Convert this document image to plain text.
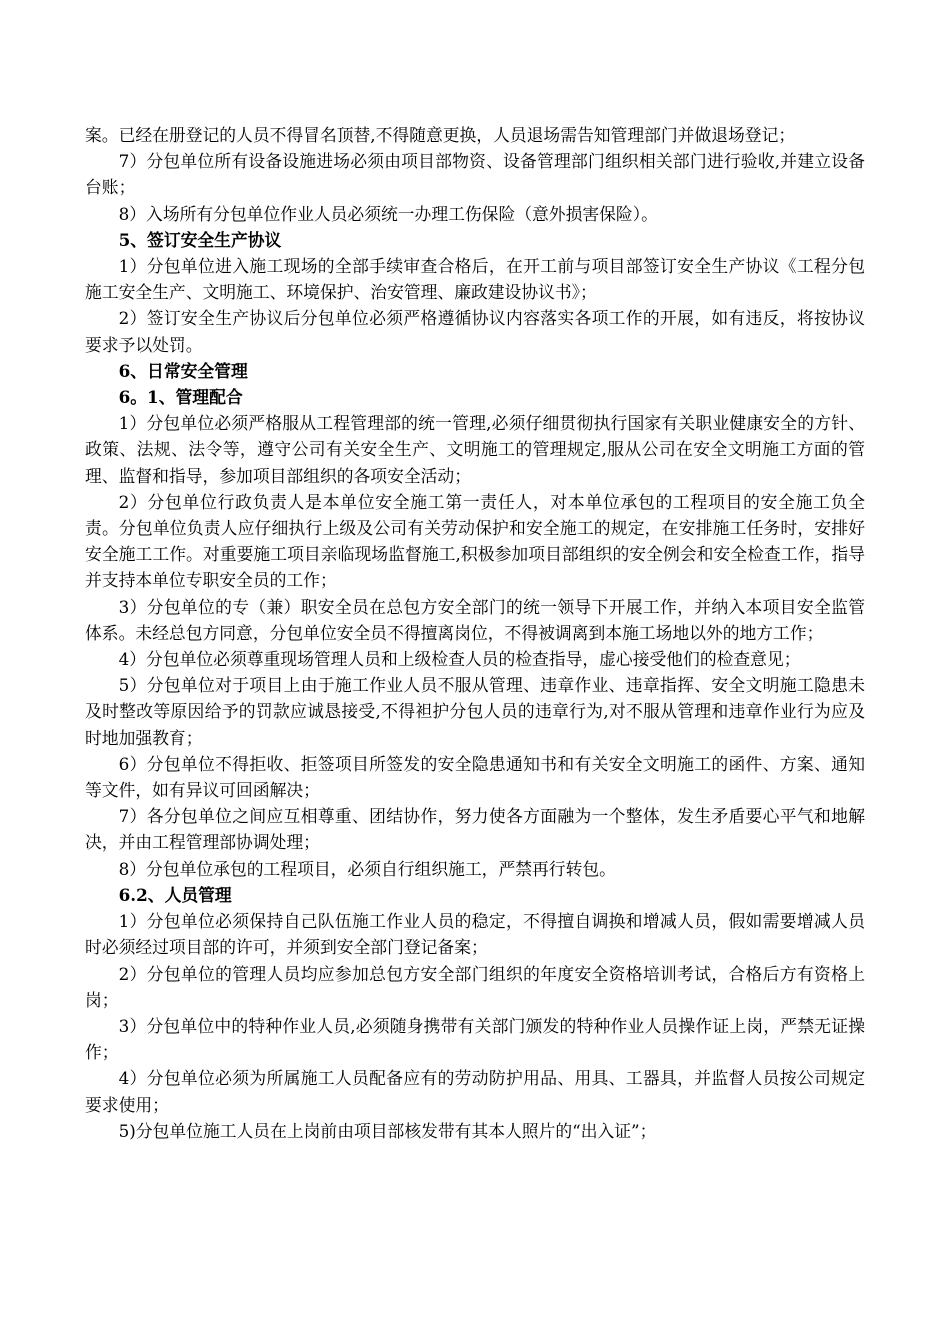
案。已经在册登记的人员不得冒名顶替,不得随意更换，人员退场需告知管理部门并做退场登记；

7）分包单位所有设备设施进场必须由项目部物资、设备管理部门组织相关部门进行验收,并建立设备台账；

8）入场所有分包单位作业人员必须统一办理工伤保险（意外损害保险）。

5、签订安全生产协议

1）分包单位进入施工现场的全部手续审查合格后，在开工前与项目部签订安全生产协议《工程分包施工安全生产、文明施工、环境保护、治安管理、廉政建设协议书》；

2）签订安全生产协议后分包单位必须严格遵循协议内容落实各项工作的开展，如有违反，将按协议要求予以处罚。

6、日常安全管理

6。1、管理配合

1）分包单位必须严格服从工程管理部的统一管理,必须仔细贯彻执行国家有关职业健康安全的方针、政策、法规、法令等，遵守公司有关安全生产、文明施工的管理规定,服从公司在安全文明施工方面的管理、监督和指导，参加项目部组织的各项安全活动；

2）分包单位行政负责人是本单位安全施工第一责任人，对本单位承包的工程项目的安全施工负全责。分包单位负责人应仔细执行上级及公司有关劳动保护和安全施工的规定，在安排施工任务时，安排好安全施工工作。对重要施工项目亲临现场监督施工,积极参加项目部组织的安全例会和安全检查工作，指导并支持本单位专职安全员的工作；

3）分包单位的专（兼）职安全员在总包方安全部门的统一领导下开展工作，并纳入本项目安全监管体系。未经总包方同意，分包单位安全员不得擅离岗位，不得被调离到本施工场地以外的地方工作；

4）分包单位必须尊重现场管理人员和上级检查人员的检查指导，虚心接受他们的检查意见；

5）分包单位对于项目上由于施工作业人员不服从管理、违章作业、违章指挥、安全文明施工隐患未及时整改等原因给予的罚款应诚恳接受,不得袒护分包人员的违章行为,对不服从管理和违章作业行为应及时地加强教育；

6）分包单位不得拒收、拒签项目所签发的安全隐患通知书和有关安全文明施工的函件、方案、通知等文件，如有异议可回函解决；

7）各分包单位之间应互相尊重、团结协作，努力使各方面融为一个整体，发生矛盾要心平气和地解决，并由工程管理部协调处理；

8）分包单位承包的工程项目，必须自行组织施工，严禁再行转包。

6.2、人员管理

1）分包单位必须保持自己队伍施工作业人员的稳定，不得擅自调换和增减人员，假如需要增减人员时必须经过项目部的许可，并须到安全部门登记备案；

2）分包单位的管理人员均应参加总包方安全部门组织的年度安全资格培训考试，合格后方有资格上岗；

3）分包单位中的特种作业人员,必须随身携带有关部门颁发的特种作业人员操作证上岗，严禁无证操作；

4）分包单位必须为所属施工人员配备应有的劳动防护用品、用具、工器具，并监督人员按公司规定要求使用；

5)分包单位施工人员在上岗前由项目部核发带有其本人照片的“出入证”；
